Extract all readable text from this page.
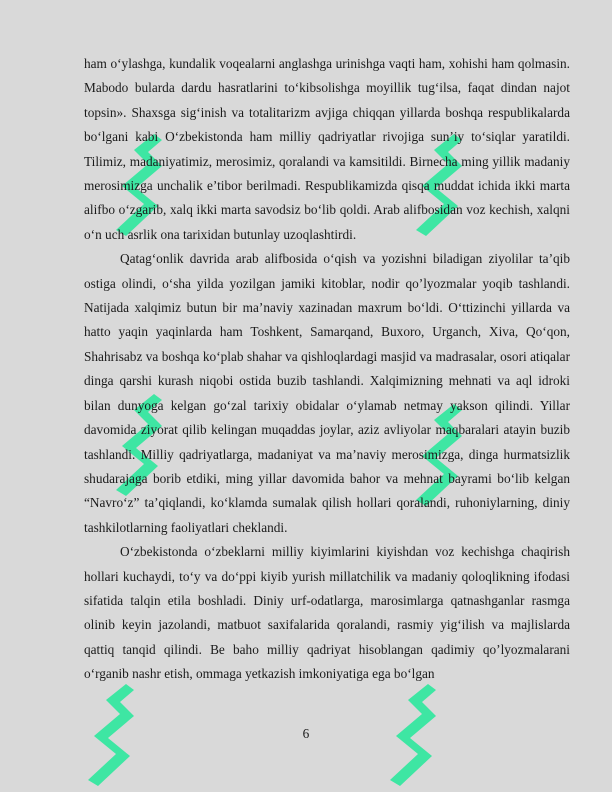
ham o‘ylashga, kundalik voqealarni anglashga urinishga vaqti ham, xohishi ham qolmasin. Mabodo bularda dardu hasratlarini to‘kibsolishga moyillik tug‘ilsa, faqat dindan najot topsin». Shaxsga sig‘inish va totalitarizm avjiga chiqqan yillarda boshqa respublikalarda bo‘lgani kabi O‘zbekistonda ham milliy qadriyatlar rivojiga sun’iy to‘siqlar yaratildi. Tilimiz, madaniyatimiz, merosimiz, qoralandi va kamsitildi. Birnecha ming yillik madaniy merosimizga unchalik e’tibor berilmadi. Respublikamizda qisqa muddat ichida ikki marta alifbo o‘zgarib, xalq ikki marta savodsiz bo‘lib qoldi. Arab alifbosidan voz kechish, xalqni o‘n uch asrlik ona tarixidan butunlay uzoqlashtirdi.

Qatag‘onlik davrida arab alifbosida o‘qish va yozishni biladigan ziyolilar ta’qib ostiga olindi, o‘sha yilda yozilgan jamiki kitoblar, nodir qo’lyozmalar yoqib tashlandi. Natijada xalqimiz butun bir ma’naviy xazinadan maxrum bo‘ldi. O‘ttizinchi yillarda va hatto yaqin yaqinlarda ham Toshkent, Samarqand, Buxoro, Urganch, Xiva, Qo‘qon, Shahrisabz va boshqa ko‘plab shahar va qishloqlardagi masjid va madrasalar, osori atiqalar dinga qarshi kurash niqobi ostida buzib tashlandi. Xalqimizning mehnati va aql idroki bilan dunyoga kelgan go‘zal tarixiy obidalar o‘ylamab netmay yakson qilindi. Yillar davomida ziyorat qilib kelingan muqaddas joylar, aziz avliyolar maqbaralari atayin buzib tashlandi. Milliy qadriyatlarga, madaniyat va ma’naviy merosimizga, dinga hurmatsizlik shudarajaga borib etdiki, ming yillar davomida bahor va mehnat bayrami bo‘lib kelgan “Navro‘z” ta’qiqlandi, ko‘klamda sumalak qilish hollari qoralandi, ruhoniylarning, diniy tashkilotlarning faoliyatlari cheklandi.

O‘zbekistonda o‘zbeklarni milliy kiyimlarini kiyishdan voz kechishga chaqirish hollari kuchaydi, to‘y va do‘ppi kiyib yurish millatchilik va madaniy qoloqlikning ifodasi sifatida talqin etila boshladi. Diniy urf-odatlarga, marosimlarga qatnashganlar rasmga olinib keyin jazolandi, matbuot saxifalarida qoralandi, rasmiy yig‘ilish va majlislarda qattiq tanqid qilindi. Be baho milliy qadriyat hisoblangan qadimiy qo’lyozmalarani o‘rganib nashr etish, ommaga yetkazish imkoniyatiga ega bo‘lgan

6
